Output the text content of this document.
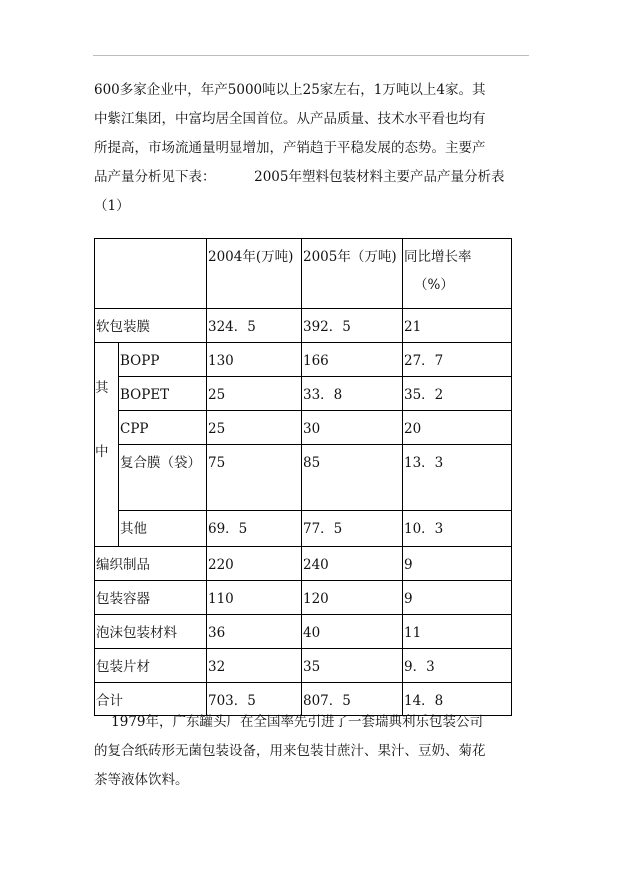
600多家企业中，年产5000吨以上25家左右，1万吨以上4家。其
中紫江集团，中富均居全国首位。从产品质量、技术水平看也均有
所提高，市场流通量明显增加，产销趋于平稳发展的态势。主要产
品产量分析见下表：         2005年塑料包装材料主要产品产量分析表
（1）
		2004年(万吨)	2005年（万吨)	同比增长率
（%）

软包装膜		324．5	392．5	21

其
中	BOPP	130	166	27．7
	BOPET	25	33．8	35．2
	CPP	25	30	20
	复合膜（袋）	75	85	13．3
	其他	69．5	77．5	10．3
编织制品		220	240	9
包装容器		110	120	9
泡沫包装材料		36	40	11
包装片材		32	35	9．3
合计		703．5	807．5	14．8
1979年，广东罐头厂在全国率先引进了一套瑞典利乐包装公司
的复合纸砖形无菌包装设备，用来包装甘蔗汁、果汁、豆奶、菊花
茶等液体饮料。
